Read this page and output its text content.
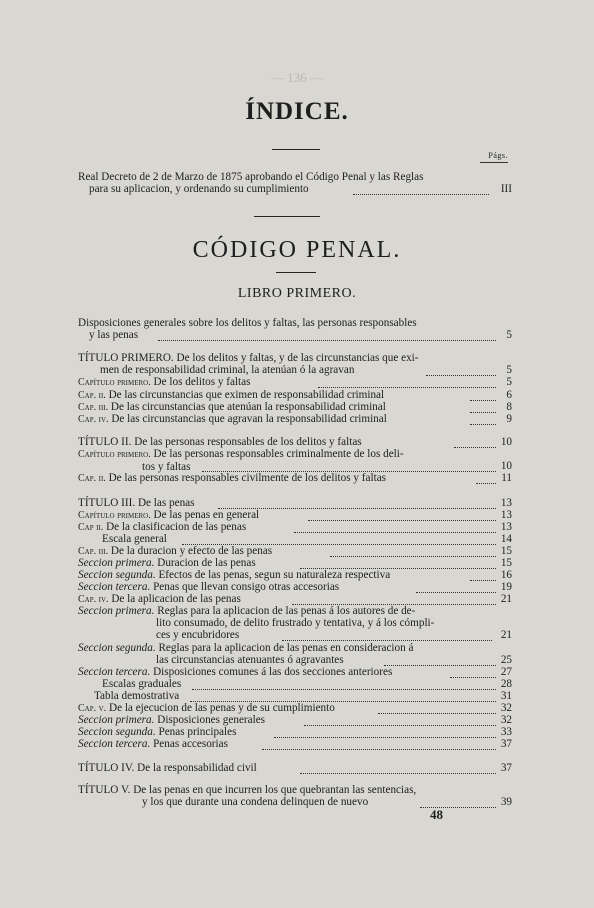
— 136 —
ÍNDICE.
Págs.
Real Decreto de 2 de Marzo de 1875 aprobando el Código Penal y las Reglas
para su aplicacion, y ordenando su cumplimiento	III
CÓDIGO PENAL.
LIBRO PRIMERO.
Disposiciones generales sobre los delitos y faltas, las personas responsables
y las penas	5
TÍTULO PRIMERO. De los delitos y faltas, y de las circunstancias que exi-
men de responsabilidad criminal, la atenúan ó la agravan	5
Capítulo primero. De los delitos y faltas	5
Cap. ii. De las circunstancias que eximen de responsabilidad criminal	6
Cap. iii. De las circunstancias que atenúan la responsabilidad criminal	8
Cap. iv. De las circunstancias que agravan la responsabilidad criminal	9
TÍTULO II. De las personas responsables de los delitos y faltas	10
Capítulo primero. De las personas responsables criminalmente de los deli-
tos y faltas	10
Cap. ii. De las personas responsables civilmente de los delitos y faltas	11
TÍTULO III. De las penas	13
Capítulo primero. De las penas en general	13
Cap ii. De la clasificacion de las penas	13
Escala general	14
Cap. iii. De la duracion y efecto de las penas	15
Seccion primera. Duracion de las penas	15
Seccion segunda. Efectos de las penas, segun su naturaleza respectiva	16
Seccion tercera. Penas que llevan consigo otras accesorias	19
Cap. iv. De la aplicacion de las penas	21
Seccion primera. Reglas para la aplicacion de las penas á los autores de de-
lito consumado, de delito frustrado y tentativa, y á los cómpli-
ces y encubridores	21
Seccion segunda. Reglas para la aplicacion de las penas en consideracion á
las circunstancias atenuantes ó agravantes	25
Seccion tercera. Disposiciones comunes á las dos secciones anteriores	27
Escalas graduales	28
Tabla demostrativa	31
Cap. v. De la ejecucion de las penas y de su cumplimiento	32
Seccion primera. Disposiciones generales	32
Seccion segunda. Penas principales	33
Seccion tercera. Penas accesorias	37
TÍTULO IV. De la responsabilidad civil	37
TÍTULO V. De las penas en que incurren los que quebrantan las sentencias,
y los que durante una condena delinquen de nuevo	39
48
